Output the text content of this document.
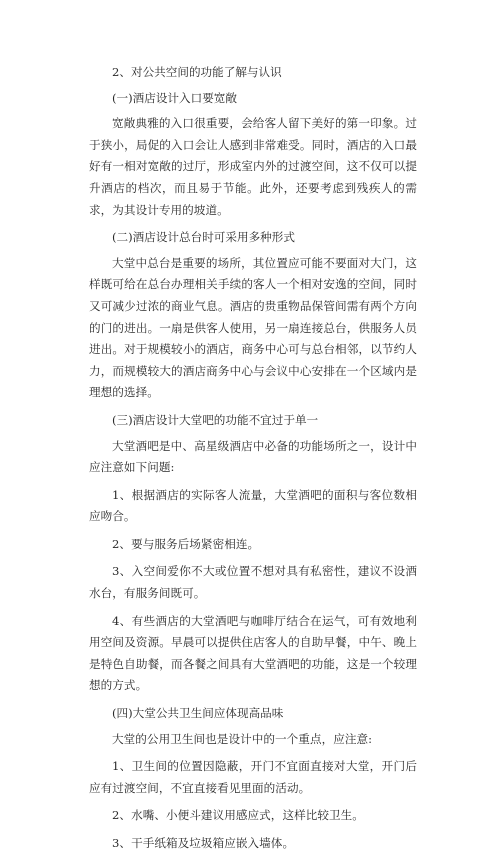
2、对公共空间的功能了解与认识

(一)酒店设计入口要宽敞

宽敞典雅的入口很重要，会给客人留下美好的第一印象。过于狭小，局促的入口会让人感到非常难受。同时，酒店的入口最好有一相对宽敞的过厅，形成室内外的过渡空间，这不仅可以提升酒店的档次，而且易于节能。此外，还要考虑到残疾人的需求，为其设计专用的坡道。

(二)酒店设计总台时可采用多种形式

大堂中总台是重要的场所，其位置应可能不要面对大门，这样既可给在总台办理相关手续的客人一个相对安逸的空间，同时又可减少过浓的商业气息。酒店的贵重物品保管间需有两个方向的门的进出。一扇是供客人使用，另一扇连接总台，供服务人员进出。对于规模较小的酒店，商务中心可与总台相邻，以节约人力，而规模较大的酒店商务中心与会议中心安排在一个区域内是理想的选择。

(三)酒店设计大堂吧的功能不宜过于单一

大堂酒吧是中、高星级酒店中必备的功能场所之一，设计中应注意如下问题:

1、根据酒店的实际客人流量，大堂酒吧的面积与客位数相应吻合。

2、要与服务后场紧密相连。

3、入空间爱你不大或位置不想对具有私密性，建议不设酒水台，有服务间既可。

4、有些酒店的大堂酒吧与咖啡厅结合在运气，可有效地利用空间及资源。早晨可以提供住店客人的自助早餐，中午、晚上是特色自助餐，而各餐之间具有大堂酒吧的功能，这是一个较理想的方式。

(四)大堂公共卫生间应体现高品味

大堂的公用卫生间也是设计中的一个重点，应注意:

1、卫生间的位置因隐蔽，开门不宜面直接对大堂，开门后应有过渡空间，不宜直接看见里面的活动。

2、水嘴、小便斗建议用感应式，这样比较卫生。

3、干手纸箱及垃圾箱应嵌入墙体。
